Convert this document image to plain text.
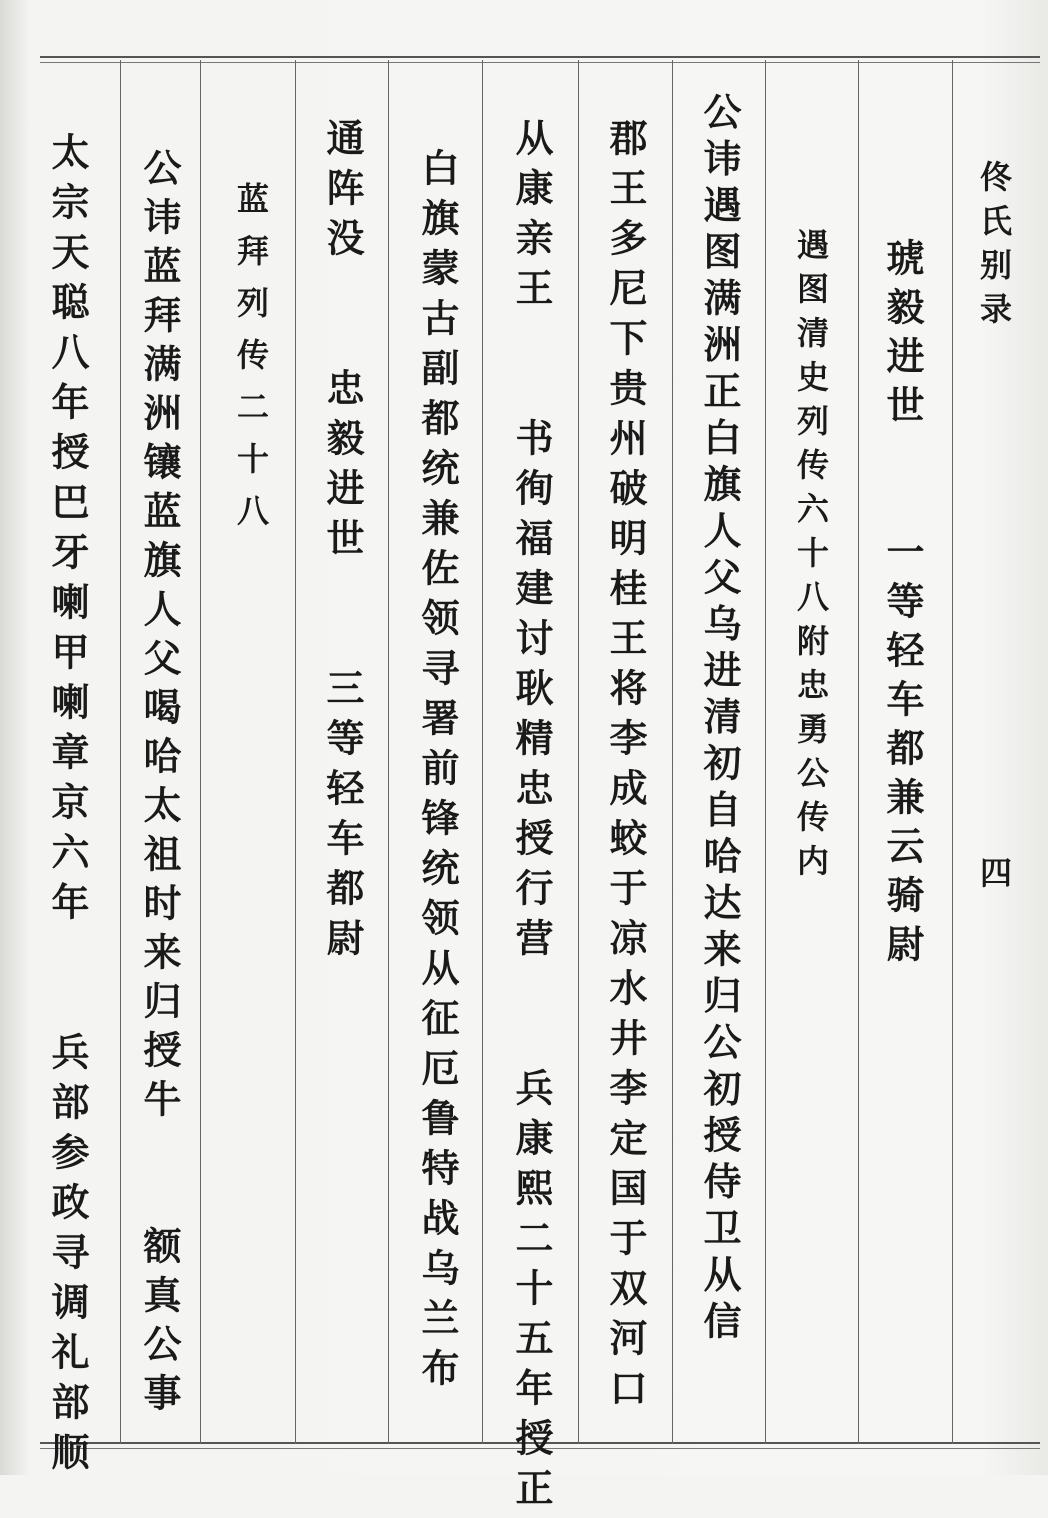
佟氏别录
四
琥毅进世　　一等轻车都兼云骑尉
遇图清史列传六十八附忠勇公传内
公讳遇图满洲正白旗人父乌进清初自哈达来归公初授侍卫从信
郡王多尼下贵州破明桂王将李成蛟于凉水井李定国于双河口
从康亲王　　书徇福建讨耿精忠授行营　　兵康熙二十五年授正
白旗蒙古副都统兼佐领寻署前锋统领从征厄鲁特战乌兰布
通阵没　　忠毅进世　　三等轻车都尉
蓝拜列传二十八
公讳蓝拜满洲镶蓝旗人父喝哈太祖时来归授牛　　额真公事
太宗天聪八年授巴牙喇甲喇章京六年　　兵部参政寻调礼部顺
